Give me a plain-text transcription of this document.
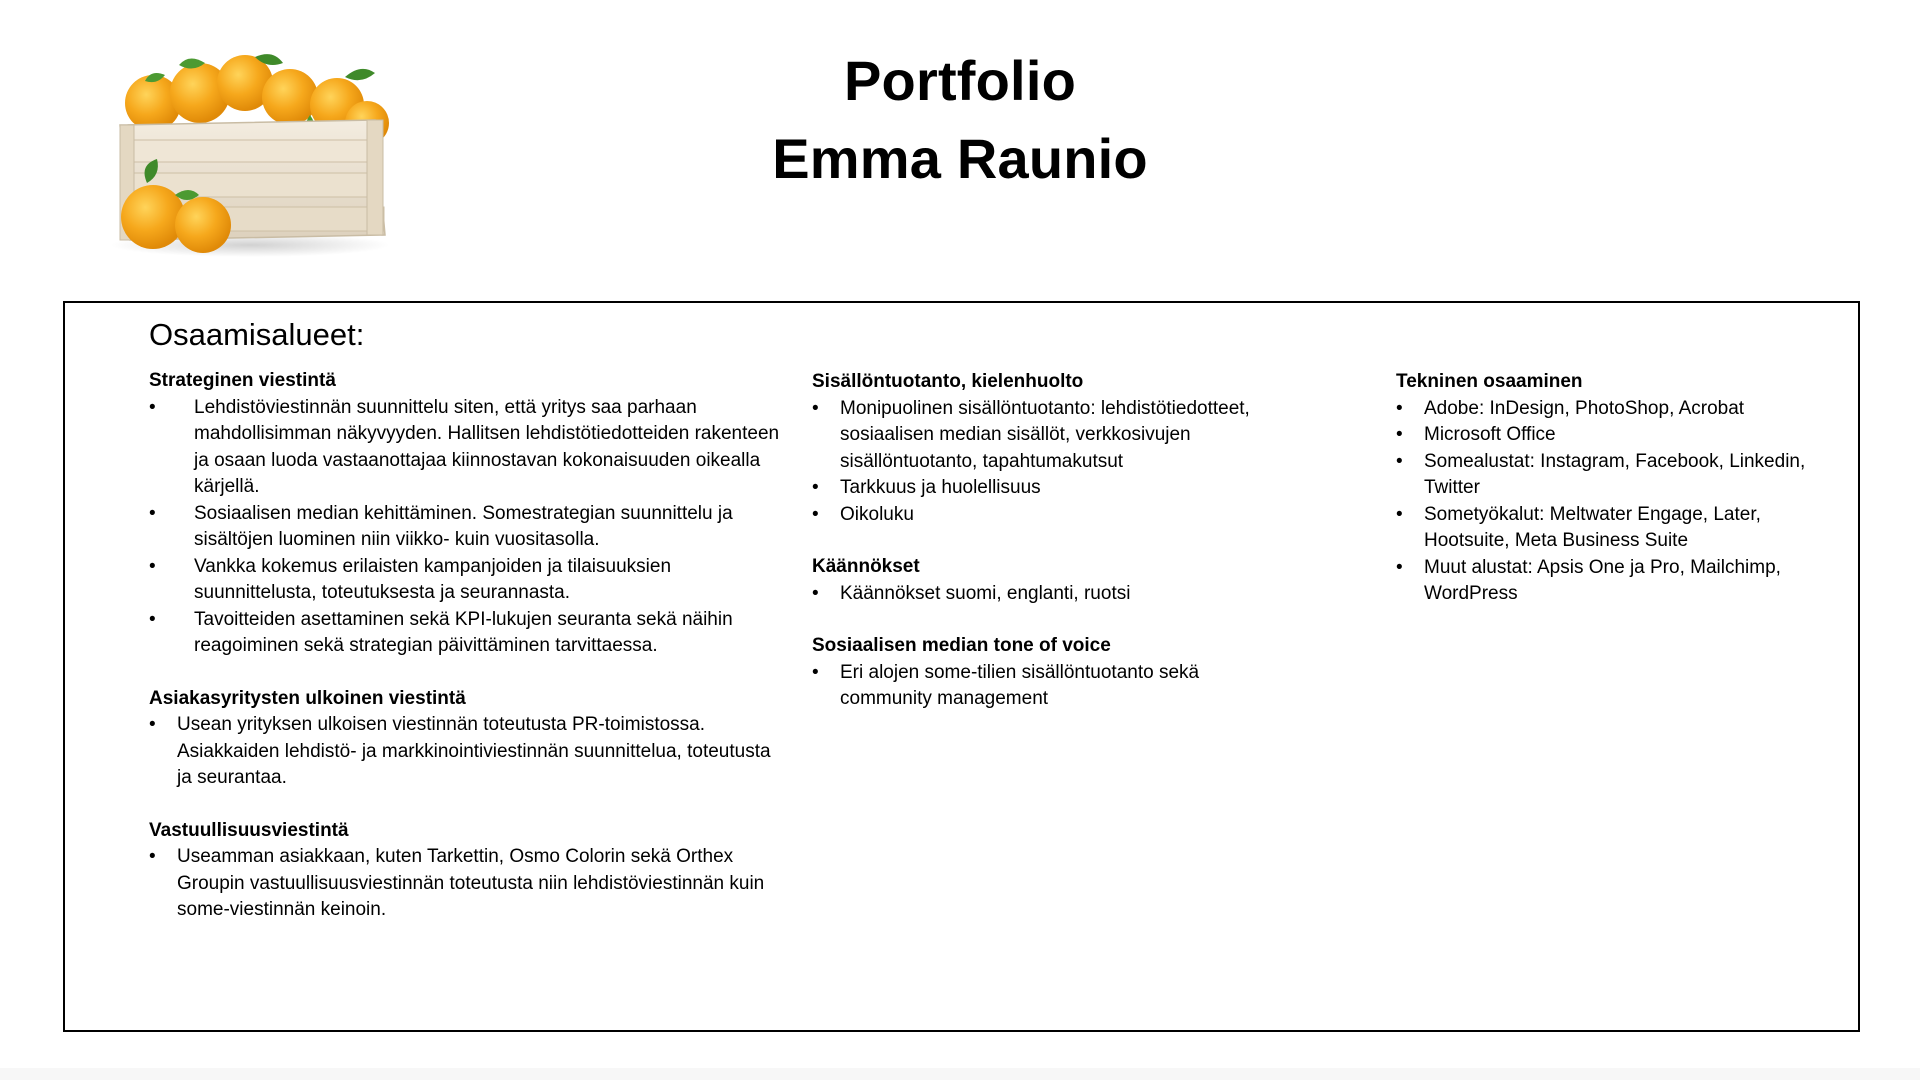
Portfolio
Emma Raunio
Osaamisalueet:

Strateginen viestintä

• Lehdistöviestinnän suunnittelu siten, että yritys saa parhaan mahdollisimman näkyvyyden. Hallitsen lehdistötiedotteiden rakenteen ja osaan luoda vastaanottajaa kiinnostavan kokonaisuuden oikealla kärjellä.
• Sosiaalisen median kehittäminen. Somestrategian suunnittelu ja sisältöjen luominen niin viikko- kuin vuositasolla.
• Vankka kokemus erilaisten kampanjoiden ja tilaisuuksien suunnittelusta, toteutuksesta ja seurannasta.
• Tavoitteiden asettaminen sekä KPI-lukujen seuranta sekä näihin reagoiminen sekä strategian päivittäminen tarvittaessa.

Asiakasyritysten ulkoinen viestintä

• Usean yrityksen ulkoisen viestinnän toteutusta PR-toimistossa. Asiakkaiden lehdistö- ja markkinointiviestinnän suunnittelua, toteutusta ja seurantaa.

Vastuullisuusviestintä

• Useamman asiakkaan, kuten Tarkettin, Osmo Colorin sekä Orthex Groupin vastuullisuusviestinnän toteutusta niin lehdistöviestinnän kuin some-viestinnän keinoin.

Sisällöntuotanto, kielenhuolto

• Monipuolinen sisällöntuotanto: lehdistötiedotteet, sosiaalisen median sisällöt, verkkosivujen sisällöntuotanto, tapahtumakutsut
• Tarkkuus ja huolellisuus
• Oikoluku

Käännökset

• Käännökset suomi, englanti, ruotsi

Sosiaalisen median tone of voice

• Eri alojen some-tilien sisällöntuotanto sekä community management

Tekninen osaaminen

• Adobe: InDesign, PhotoShop, Acrobat
• Microsoft Office
• Somealustat: Instagram, Facebook, Linkedin, Twitter
• Sometyökalut: Meltwater Engage, Later, Hootsuite, Meta Business Suite
• Muut alustat: Apsis One ja Pro, Mailchimp, WordPress
